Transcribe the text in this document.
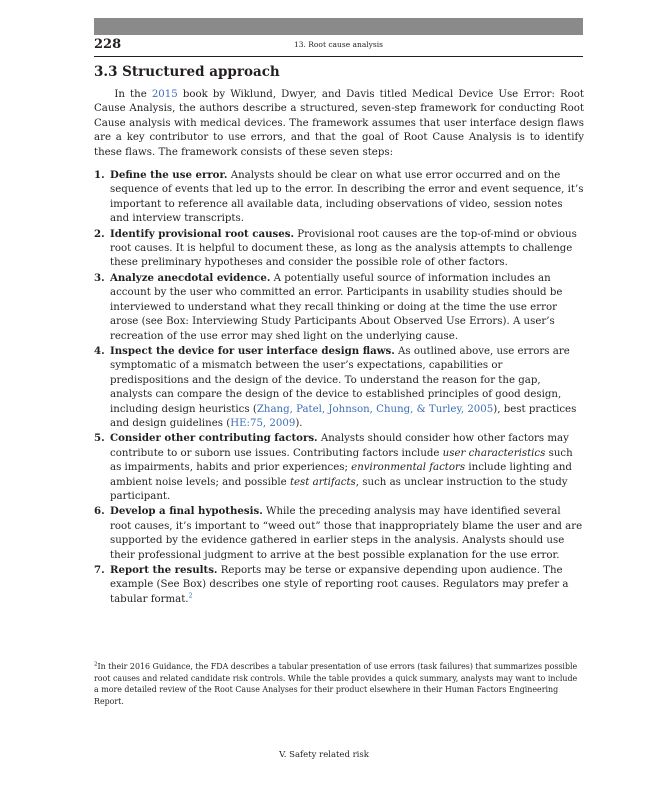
228	13. Root cause analysis
3.3 Structured approach

In the 2015 book by Wiklund, Dwyer, and Davis titled Medical Device Use Error: Root Cause Analysis, the authors describe a structured, seven-step framework for conducting Root Cause analysis with medical devices. The framework assumes that user interface design flaws are a key contributor to use errors, and that the goal of Root Cause Analysis is to identify these flaws. The framework consists of these seven steps:

1. Define the use error. Analysts should be clear on what use error occurred and on the sequence of events that led up to the error. In describing the error and event sequence, it’s important to reference all available data, including observations of video, session notes and interview transcripts.
2. Identify provisional root causes. Provisional root causes are the top-of-mind or obvious root causes. It is helpful to document these, as long as the analysis attempts to challenge these preliminary hypotheses and consider the possible role of other factors.
3. Analyze anecdotal evidence. A potentially useful source of information includes an account by the user who committed an error. Participants in usability studies should be interviewed to understand what they recall thinking or doing at the time the use error arose (see Box: Interviewing Study Participants About Observed Use Errors). A user’s recreation of the use error may shed light on the underlying cause.
4. Inspect the device for user interface design flaws. As outlined above, use errors are symptomatic of a mismatch between the user’s expectations, capabilities or predispositions and the design of the device. To understand the reason for the gap, analysts can compare the design of the device to established principles of good design, including design heuristics (Zhang, Patel, Johnson, Chung, & Turley, 2005), best practices and design guidelines (HE:75, 2009).
5. Consider other contributing factors. Analysts should consider how other factors may contribute to or suborn use issues. Contributing factors include user characteristics such as impairments, habits and prior experiences; environmental factors include lighting and ambient noise levels; and possible test artifacts, such as unclear instruction to the study participant.
6. Develop a final hypothesis. While the preceding analysis may have identified several root causes, it’s important to “weed out” those that inappropriately blame the user and are supported by the evidence gathered in earlier steps in the analysis. Analysts should use their professional judgment to arrive at the best possible explanation for the use error.
7. Report the results. Reports may be terse or expansive depending upon audience. The example (See Box) describes one style of reporting root causes. Regulators may prefer a tabular format.$^2$
$^2$In their 2016 Guidance, the FDA describes a tabular presentation of use errors (task failures) that summarizes possible root causes and related candidate risk controls. While the table provides a quick summary, analysts may want to include a more detailed review of the Root Cause Analyses for their product elsewhere in their Human Factors Engineering Report.
V. Safety related risk
